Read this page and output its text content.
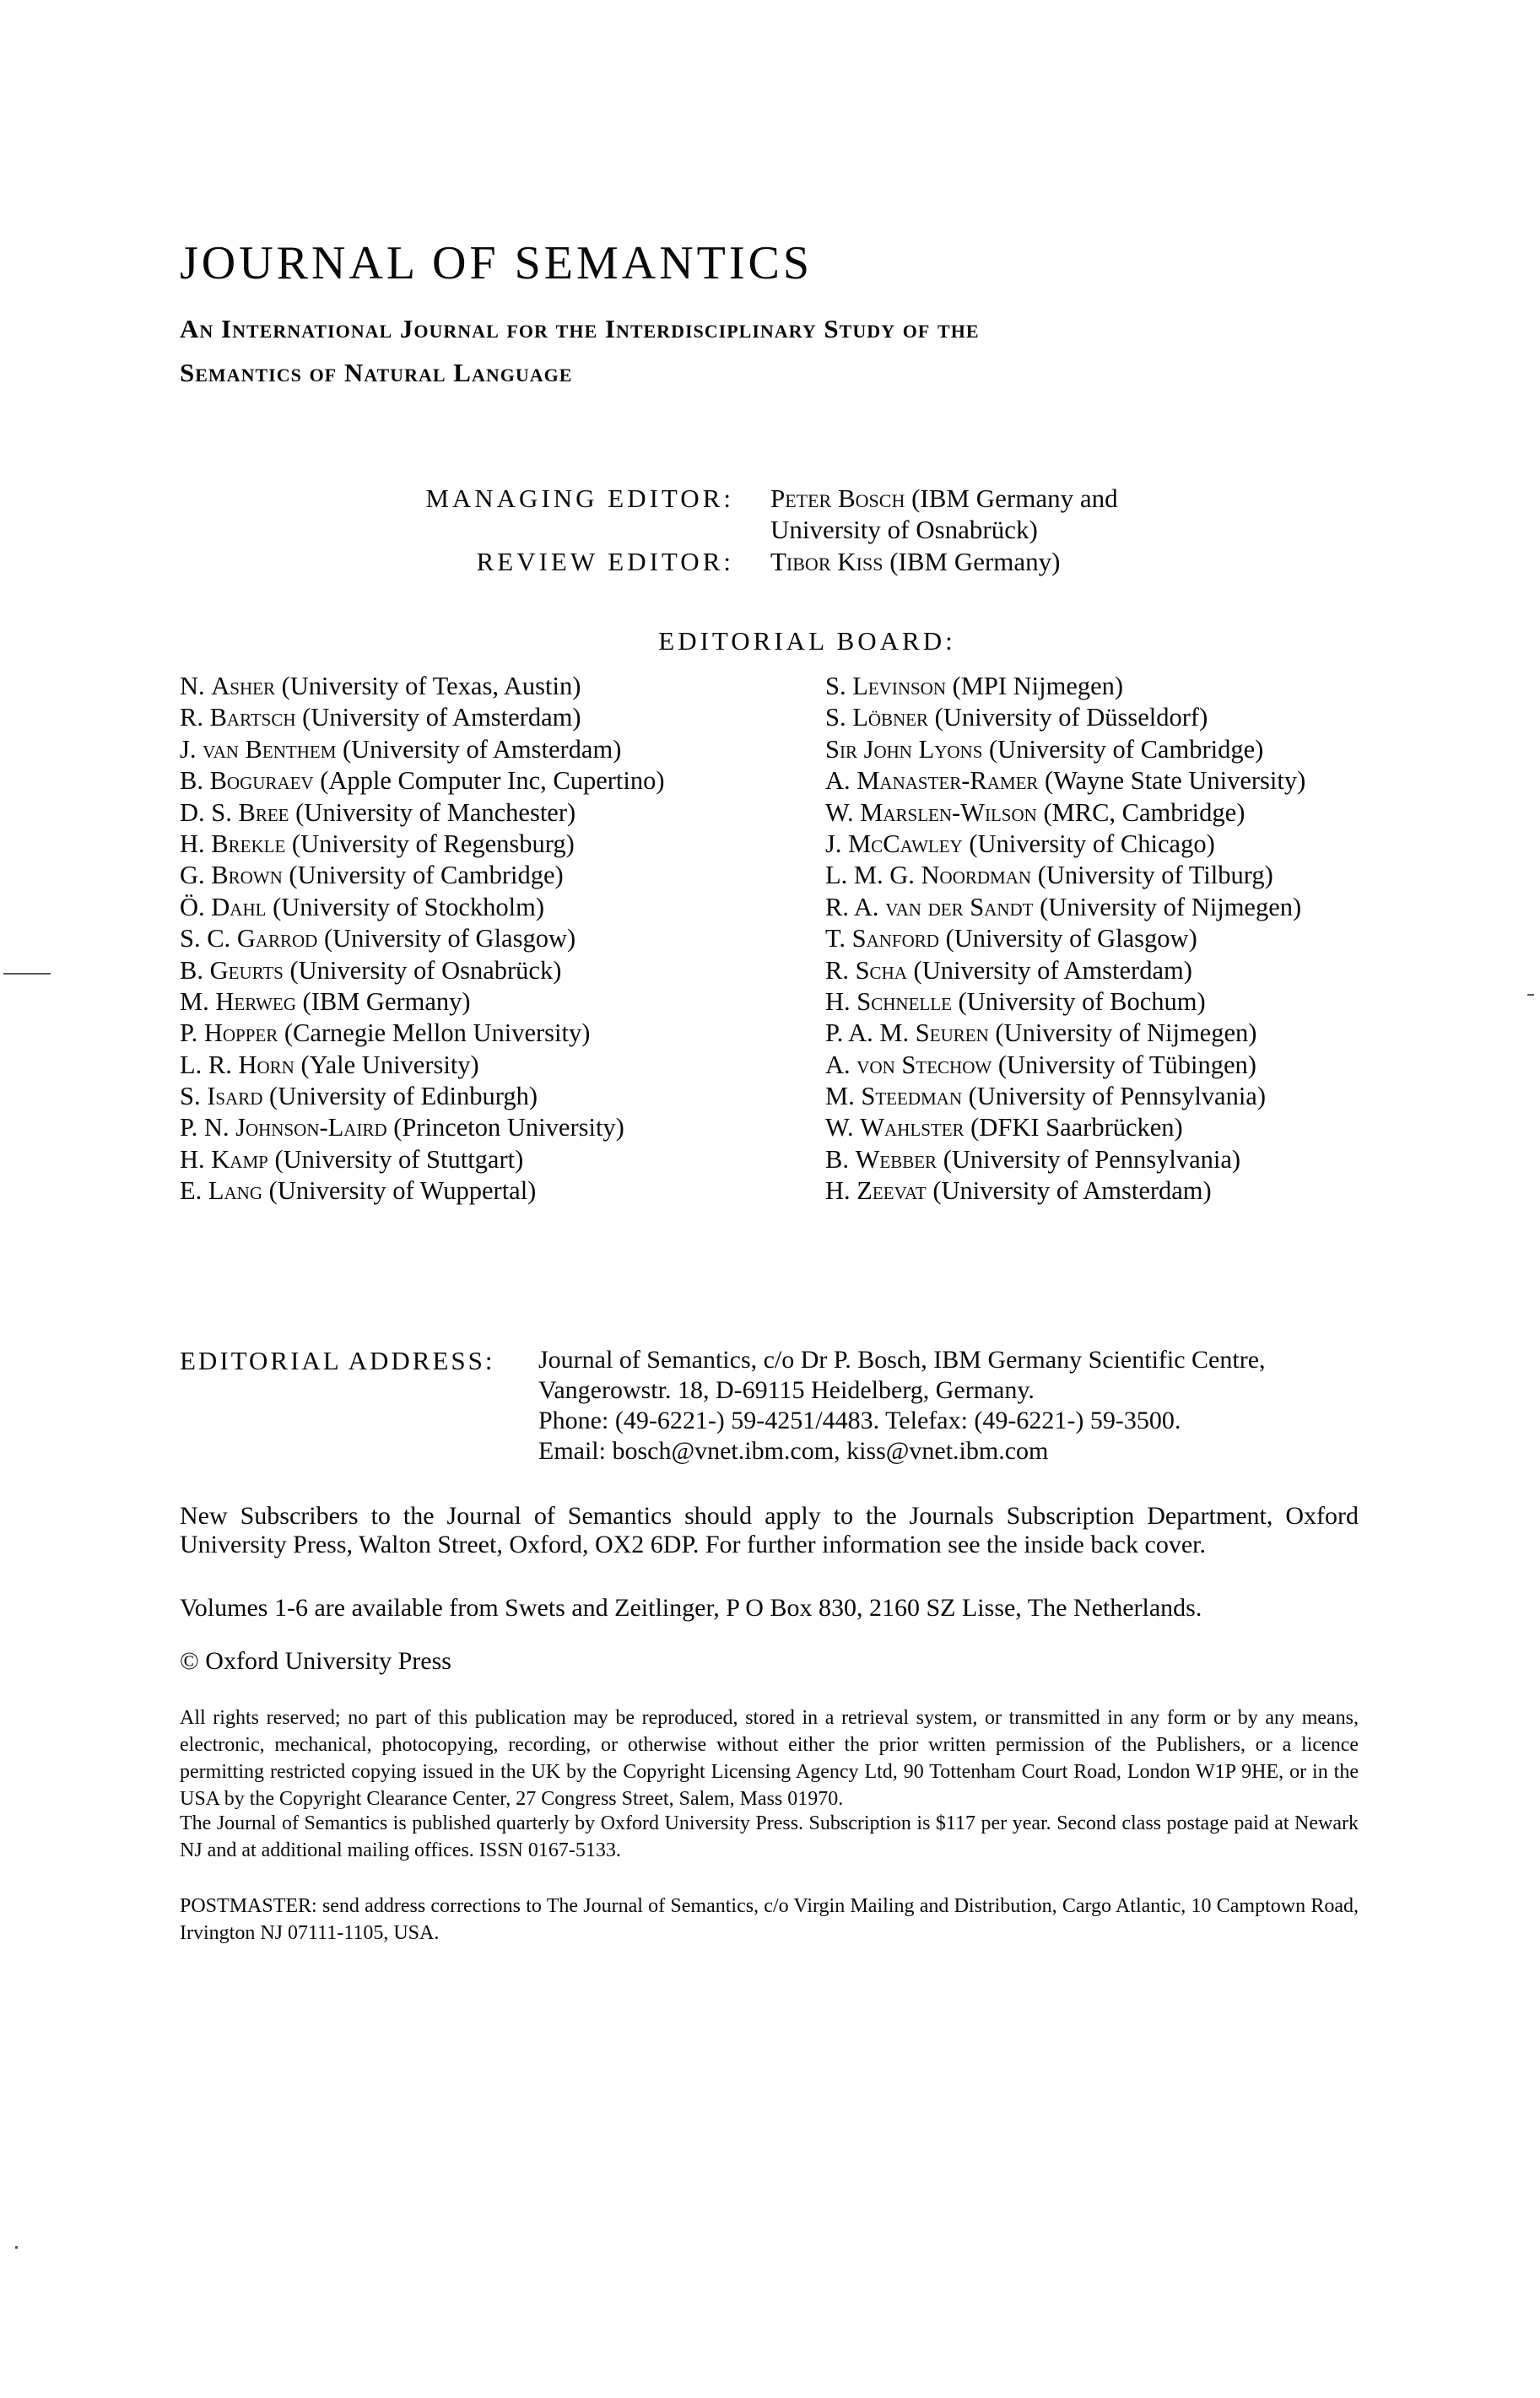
JOURNAL OF SEMANTICS
An International Journal for the Interdisciplinary Study of the
Semantics of Natural Language
MANAGING EDITOR: Peter Bosch (IBM Germany and
University of Osnabrück)
REVIEW EDITOR: Tibor Kiss (IBM Germany)
EDITORIAL BOARD:
N. Asher (University of Texas, Austin)
R. Bartsch (University of Amsterdam)
J. van Benthem (University of Amsterdam)
B. Boguraev (Apple Computer Inc, Cupertino)
D. S. Bree (University of Manchester)
H. Brekle (University of Regensburg)
G. Brown (University of Cambridge)
Ö. Dahl (University of Stockholm)
S. C. Garrod (University of Glasgow)
B. Geurts (University of Osnabrück)
M. Herweg (IBM Germany)
P. Hopper (Carnegie Mellon University)
L. R. Horn (Yale University)
S. Isard (University of Edinburgh)
P. N. Johnson-Laird (Princeton University)
H. Kamp (University of Stuttgart)
E. Lang (University of Wuppertal)
S. Levinson (MPI Nijmegen)
S. Löbner (University of Düsseldorf)
Sir John Lyons (University of Cambridge)
A. Manaster-Ramer (Wayne State University)
W. Marslen-Wilson (MRC, Cambridge)
J. McCawley (University of Chicago)
L. M. G. Noordman (University of Tilburg)
R. A. van der Sandt (University of Nijmegen)
T. Sanford (University of Glasgow)
R. Scha (University of Amsterdam)
H. Schnelle (University of Bochum)
P. A. M. Seuren (University of Nijmegen)
A. von Stechow (University of Tübingen)
M. Steedman (University of Pennsylvania)
W. Wahlster (DFKI Saarbrücken)
B. Webber (University of Pennsylvania)
H. Zeevat (University of Amsterdam)
EDITORIAL ADDRESS: Journal of Semantics, c/o Dr P. Bosch, IBM Germany Scientific Centre,
Vangerowstr. 18, D-69115 Heidelberg, Germany.
Phone: (49-6221-) 59-4251/4483. Telefax: (49-6221-) 59-3500.
Email: bosch@vnet.ibm.com, kiss@vnet.ibm.com
New Subscribers to the Journal of Semantics should apply to the Journals Subscription Department, Oxford University Press, Walton Street, Oxford, OX2 6DP. For further information see the inside back cover.
Volumes 1-6 are available from Swets and Zeitlinger, P O Box 830, 2160 SZ Lisse, The Netherlands.
© Oxford University Press
All rights reserved; no part of this publication may be reproduced, stored in a retrieval system, or transmitted in any form or by any means, electronic, mechanical, photocopying, recording, or otherwise without either the prior written permission of the Publishers, or a licence permitting restricted copying issued in the UK by the Copyright Licensing Agency Ltd, 90 Tottenham Court Road, London W1P 9HE, or in the USA by the Copyright Clearance Center, 27 Congress Street, Salem, Mass 01970.
The Journal of Semantics is published quarterly by Oxford University Press. Subscription is $117 per year. Second class postage paid at Newark NJ and at additional mailing offices. ISSN 0167-5133.
POSTMASTER: send address corrections to The Journal of Semantics, c/o Virgin Mailing and Distribution, Cargo Atlantic, 10 Camptown Road, Irvington NJ 07111-1105, USA.
